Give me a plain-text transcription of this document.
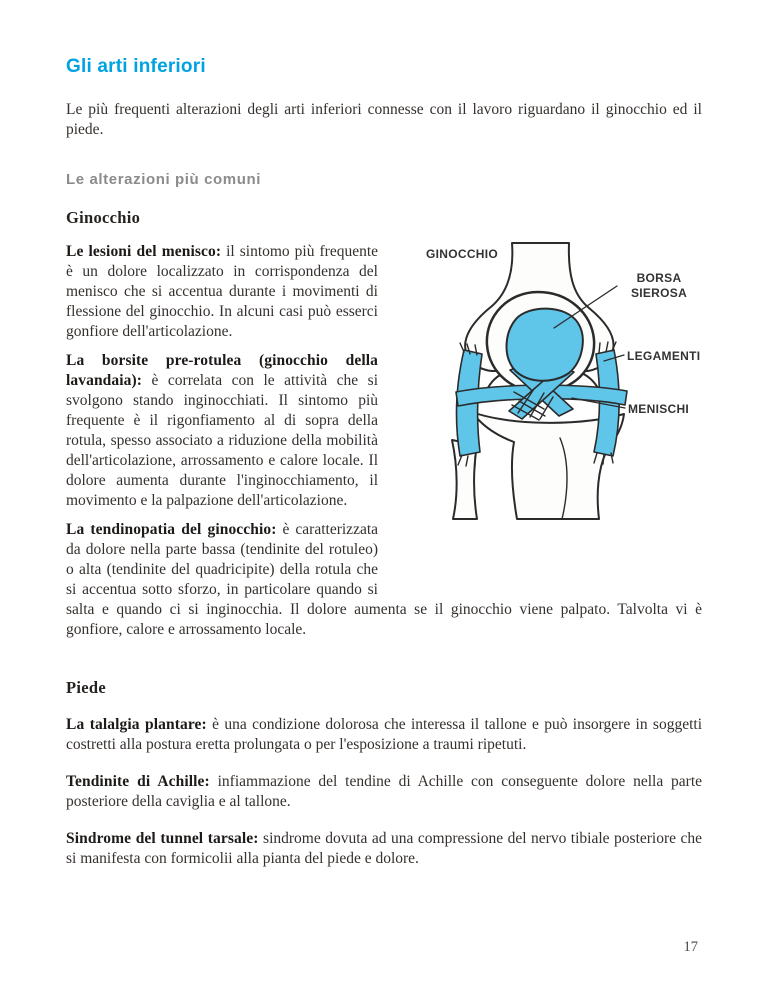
Gli arti inferiori

Le più frequenti alterazioni degli arti inferiori connesse con il lavoro riguardano il ginocchio ed il piede.

Le alterazioni più comuni
Ginocchio
GINOCCHIO
BORSA
SIEROSA
LEGAMENTI
MENISCHI

Le lesioni del menisco: il sintomo più frequente è un dolore localizzato in corrispondenza del menisco che si accentua durante i movimenti di flessione del ginocchio. In alcuni casi può esserci gonfiore dell'articolazione.

La borsite pre-rotulea (ginocchio della lavandaia): è correlata con le attività che si svolgono stando inginocchiati. Il sintomo più frequente è il rigonfiamento al di sopra della rotula, spesso associato a riduzione della mobilità dell'articolazione, arrossamento e calore locale. Il dolore aumenta durante l'inginocchiamento, il movimento e la palpazione dell'articolazione.

La tendinopatia del ginocchio: è caratterizzata da dolore nella parte bassa (tendinite del rotuleo) o alta (tendinite del quadricipite) della rotula che si accentua sotto sforzo, in particolare quando si salta e quando ci si inginocchia. Il dolore aumenta se il ginocchio viene palpato. Talvolta vi è gonfiore, calore e arrossamento locale.

Piede

La talalgia plantare: è una condizione dolorosa che interessa il tallone e può insorgere in soggetti costretti alla postura eretta prolungata o per l'esposizione a traumi ripetuti.

Tendinite di Achille: infiammazione del tendine di Achille con conseguente dolore nella parte posteriore della caviglia e al tallone.

Sindrome del tunnel tarsale: sindrome dovuta ad una compressione del nervo tibiale posteriore che si manifesta con formicolii alla pianta del piede e dolore.

17
